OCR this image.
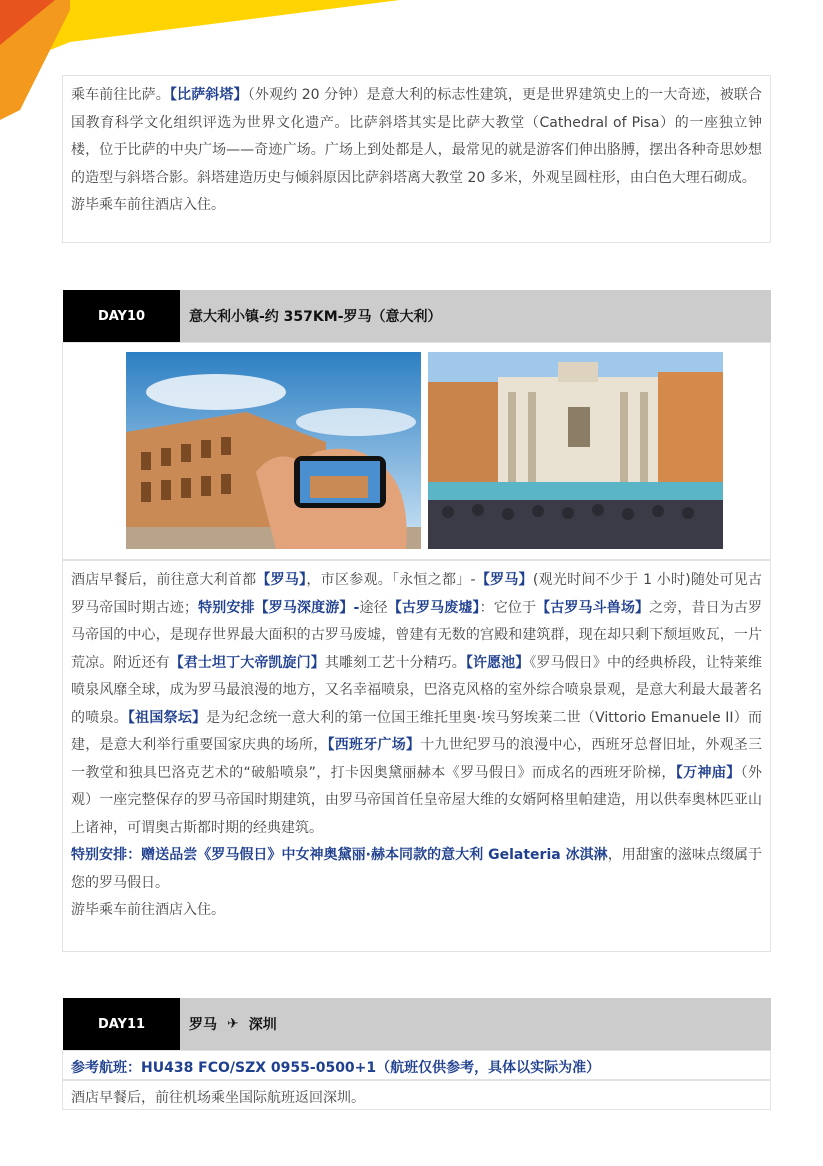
乘车前往比萨。【比萨斜塔】（外观约 20 分钟）是意大利的标志性建筑，更是世界建筑史上的一大奇迹，被联合国教育科学文化组织评选为世界文化遗产。比萨斜塔其实是比萨大教堂（Cathedral of Pisa）的一座独立钟楼，位于比萨的中央广场——奇迹广场。广场上到处都是人，最常见的就是游客们伸出胳膊，摆出各种奇思妙想的造型与斜塔合影。斜塔建造历史与倾斜原因比萨斜塔离大教堂 20 多米，外观呈圆柱形，由白色大理石砌成。
游毕乘车前往酒店入住。
DAY10	意大利小镇-约 357KM-罗马（意大利）
酒店早餐后，前往意大利首都【罗马】，市区参观。「永恒之都」-【罗马】(观光时间不少于 1 小时)随处可见古罗马帝国时期古迹；特别安排【罗马深度游】-途径【古罗马废墟】：它位于【古罗马斗兽场】之旁，昔日为古罗马帝国的中心，是现存世界最大面积的古罗马废墟，曾建有无数的宫殿和建筑群，现在却只剩下颓垣败瓦，一片荒凉。附近还有【君士坦丁大帝凯旋门】其雕刻工艺十分精巧。【许愿池】《罗马假日》中的经典桥段，让特莱维喷泉风靡全球，成为罗马最浪漫的地方，又名幸福喷泉，巴洛克风格的室外综合喷泉景观，是意大利最大最著名的喷泉。【祖国祭坛】是为纪念统一意大利的第一位国王维托里奥·埃马努埃莱二世（Vittorio Emanuele II）而建，是意大利举行重要国家庆典的场所，【西班牙广场】十九世纪罗马的浪漫中心，西班牙总督旧址，外观圣三一教堂和独具巴洛克艺术的“破船喷泉”，打卡因奥黛丽赫本《罗马假日》而成名的西班牙阶梯，【万神庙】（外观）一座完整保存的罗马帝国时期建筑，由罗马帝国首任皇帝屋大维的女婿阿格里帕建造，用以供奉奥林匹亚山上诸神，可谓奥古斯都时期的经典建筑。
特别安排：赠送品尝《罗马假日》中女神奥黛丽·赫本同款的意大利 Gelateria 冰淇淋，用甜蜜的滋味点缀属于您的罗马假日。
游毕乘车前往酒店入住。
DAY11	罗马 ✈ 深圳
参考航班：HU438 FCO/SZX 0955-0500+1（航班仅供参考，具体以实际为准）
酒店早餐后，前往机场乘坐国际航班返回深圳。
